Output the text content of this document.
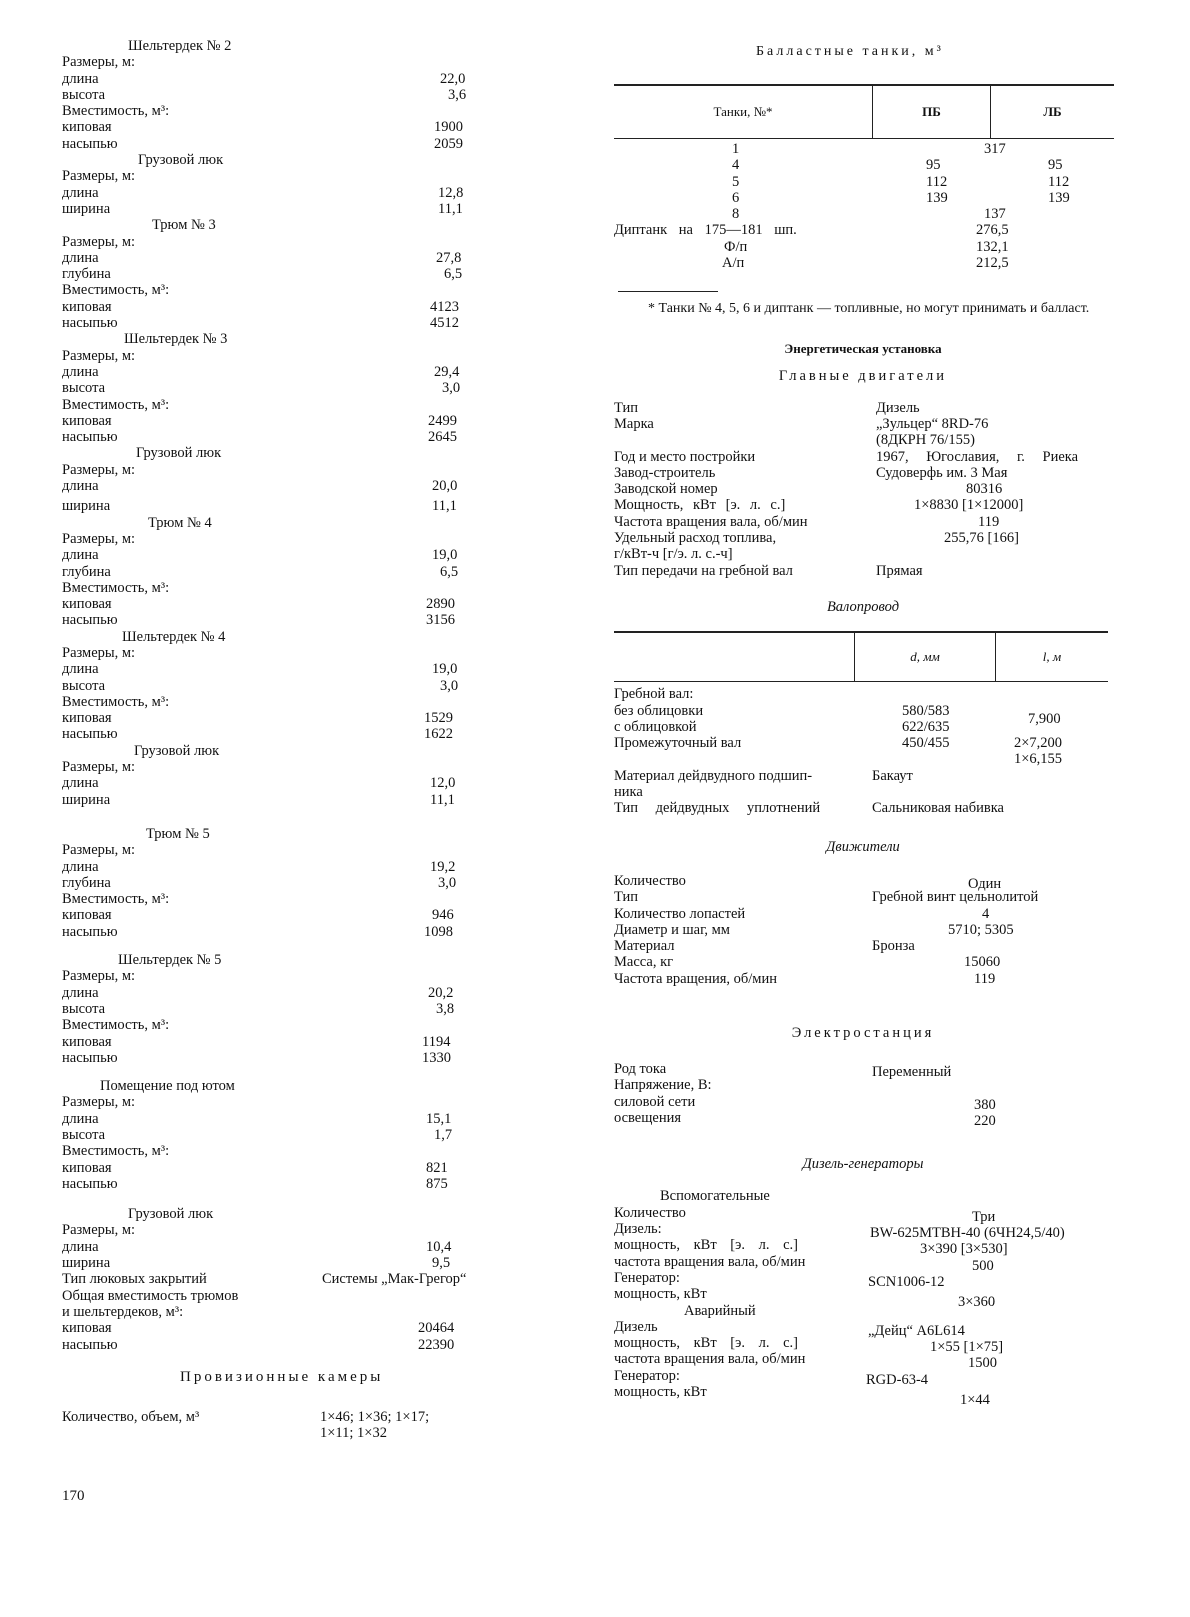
Шельтердек № 2
Размеры, м:
длина	22,0
высота	3,6
Вместимость, м³:
киповая	1900
насыпью	2059
Грузовой люк
Размеры, м:
длина	12,8
ширина	11,1
Трюм № 3
Размеры, м:
длина	27,8
глубина	6,5
Вместимость, м³:
киповая	4123
насыпью	4512
Шельтердек № 3
Размеры, м:
длина	29,4
высота	3,0
Вместимость, м³:
киповая	2499
насыпью	2645
Грузовой люк
Размеры, м:
длина	20,0
ширина	11,1
Трюм № 4
Размеры, м:
длина	19,0
глубина	6,5
Вместимость, м³:
киповая	2890
насыпью	3156
Шельтердек № 4
Размеры, м:
длина	19,0
высота	3,0
Вместимость, м³:
киповая	1529
насыпью	1622
Грузовой люк
Размеры, м:
длина	12,0
ширина	11,1
Трюм № 5
Размеры, м:
длина	19,2
глубина	3,0
Вместимость, м³:
киповая	946
насыпью	1098
Шельтердек № 5
Размеры, м:
длина	20,2
высота	3,8
Вместимость, м³:
киповая	1194
насыпью	1330
Помещение под ютом
Размеры, м:
длина	15,1
высота	1,7
Вместимость, м³:
киповая	821
насыпью	875
Грузовой люк
Размеры, м:
длина	10,4
ширина	9,5
Тип люковых закрытий	Системы „Мак-Грегор“
Общая вместимость трюмов
и шельтердеков, м³:
киповая	20464
насыпью	22390
Провизионные камеры
Количество, объем, м³	1×46; 1×36; 1×17;
1×11; 1×32
170
Балластные танки, м³
Танки, №*	ПБ	ЛБ
1	317
4	95	95
5	112	112
6	139	139
8	137
Диптанк на 175—181 шп.	276,5
Ф/п	132,1
А/п	212,5
* Танки № 4, 5, 6 и диптанк — топливные, но могут принимать и балласт.
Энергетическая установка
Главные двигатели
Тип	Дизель
Марка	„Зульцер“ 8RD-76
(8ДКРН 76/155)
Год и место постройки	1967, Югославия, г. Риека
Завод-строитель	Судоверфь им. 3 Мая
Заводской номер	80316
Мощность, кВт [э. л. с.]	1×8830 [1×12000]
Частота вращения вала, об/мин	119
Удельный расход топлива,	255,76 [166]
г/кВт-ч [г/э. л. с.-ч]
Тип передачи на гребной вал	Прямая
Валопровод
d, мм	l, м
Гребной вал:
без облицовки	580/583
с облицовкой	622/635	7,900
Промежуточный вал	450/455	2×7,200
1×6,155
Материал дейдвудного подшип-	Бакаут
ника
Тип дейдвудных уплотнений	Сальниковая набивка
Движители
Количество	Один
Тип	Гребной винт цельнолитой
Количество лопастей	4
Диаметр и шаг, мм	5710; 5305
Материал	Бронза
Масса, кг	15060
Частота вращения, об/мин	119
Электростанция
Род тока	Переменный
Напряжение, В:
силовой сети	380
освещения	220
Дизель-генераторы
Вспомогательные
Количество	Три
Дизель:	BW-625MTBH-40 (6ЧН24,5/40)
мощность, кВт [э. л. с.]	3×390 [3×530]
частота вращения вала, об/мин	500
Генератор:	SCN1006-12
мощность, кВт	3×360
Аварийный
Дизель	„Дейц“ A6L614
мощность, кВт [э. л. с.]	1×55 [1×75]
частота вращения вала, об/мин	1500
Генератор:	RGD-63-4
мощность, кВт	1×44
